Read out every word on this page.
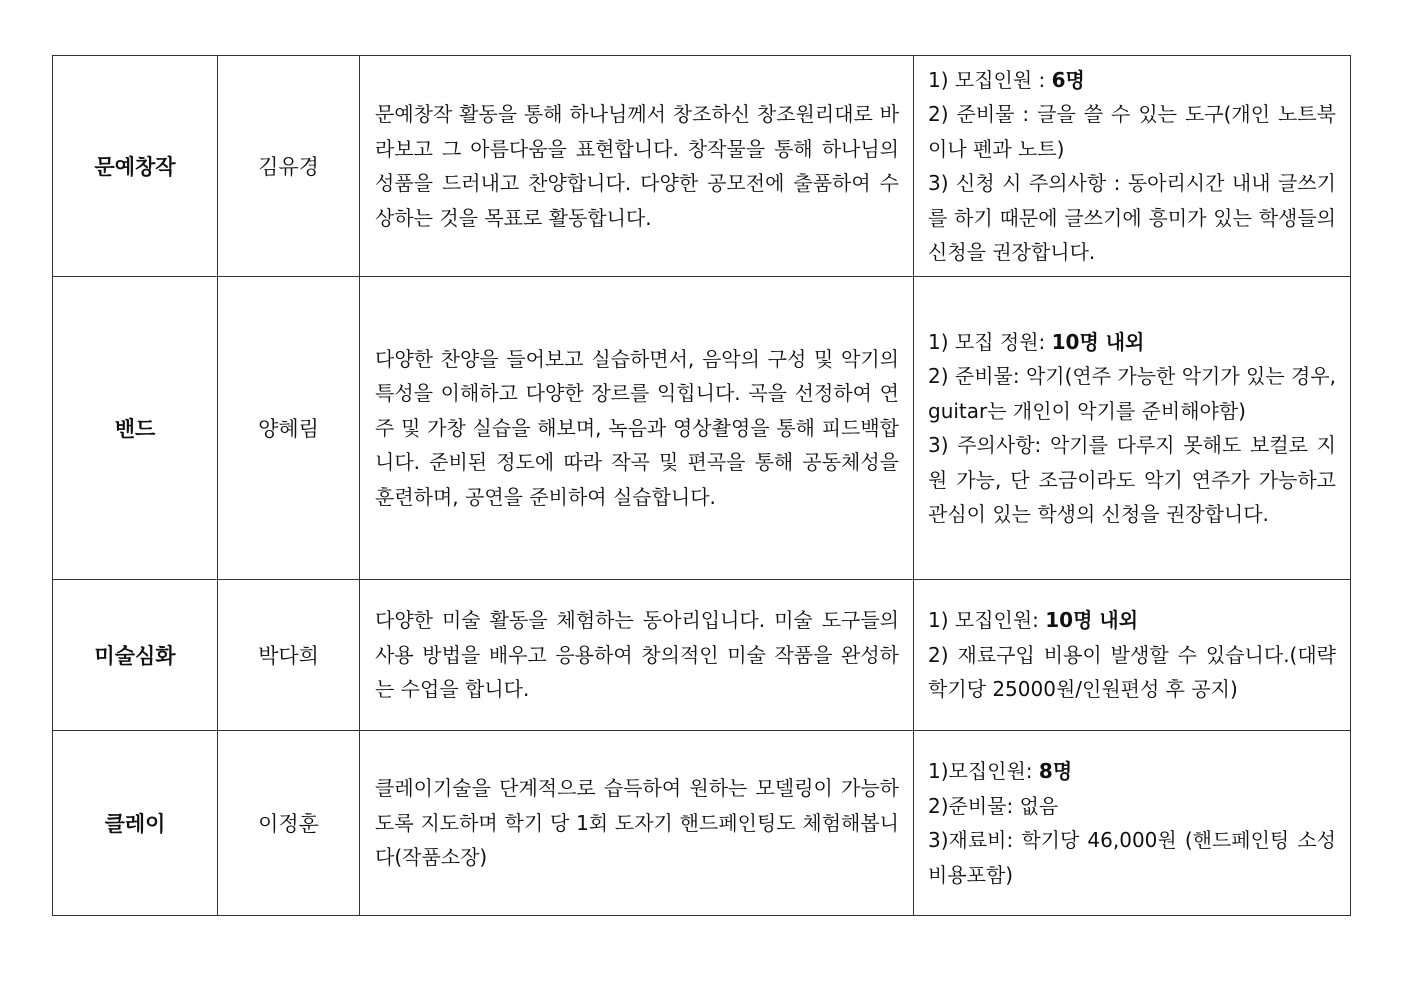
문예창작	김유경	문예창작 활동을 통해 하나님께서 창조하신 창조원리대로 바라보고 그 아름다움을 표현합니다. 창작물을 통해 하나님의 성품을 드러내고 찬양합니다. 다양한 공모전에 출품하여 수상하는 것을 목표로 활동합니다.	1) 모집인원 : 6명
2) 준비물 : 글을 쓸 수 있는 도구(개인 노트북이나 펜과 노트)
3) 신청 시 주의사항 : 동아리시간 내내 글쓰기를 하기 때문에 글쓰기에 흥미가 있는 학생들의 신청을 권장합니다.

밴드	양혜림	다양한 찬양을 들어보고 실습하면서, 음악의 구성 및 악기의 특성을 이해하고 다양한 장르를 익힙니다. 곡을 선정하여 연주 및 가창 실습을 해보며, 녹음과 영상촬영을 통해 피드백합니다. 준비된 정도에 따라 작곡 및 편곡을 통해 공동체성을 훈련하며, 공연을 준비하여 실습합니다.	1) 모집 정원: 10명 내외
2) 준비물: 악기(연주 가능한 악기가 있는 경우, guitar는 개인이 악기를 준비해야함)
3) 주의사항: 악기를 다루지 못해도 보컬로 지원 가능, 단 조금이라도 악기 연주가 가능하고 관심이 있는 학생의 신청을 권장합니다.

미술심화	박다희	다양한 미술 활동을 체험하는 동아리입니다. 미술 도구들의 사용 방법을 배우고 응용하여 창의적인 미술 작품을 완성하는 수업을 합니다.	1) 모집인원: 10명 내외
2) 재료구입 비용이 발생할 수 있습니다.(대략 학기당 25000원/인원편성 후 공지)

클레이	이정훈	클레이기술을 단계적으로 습득하여 원하는 모델링이 가능하도록 지도하며 학기 당 1회 도자기 핸드페인팅도 체험해봅니다(작품소장)	1)모집인원: 8명
2)준비물: 없음
3)재료비: 학기당 46,000원 (핸드페인팅 소성비용포함)
